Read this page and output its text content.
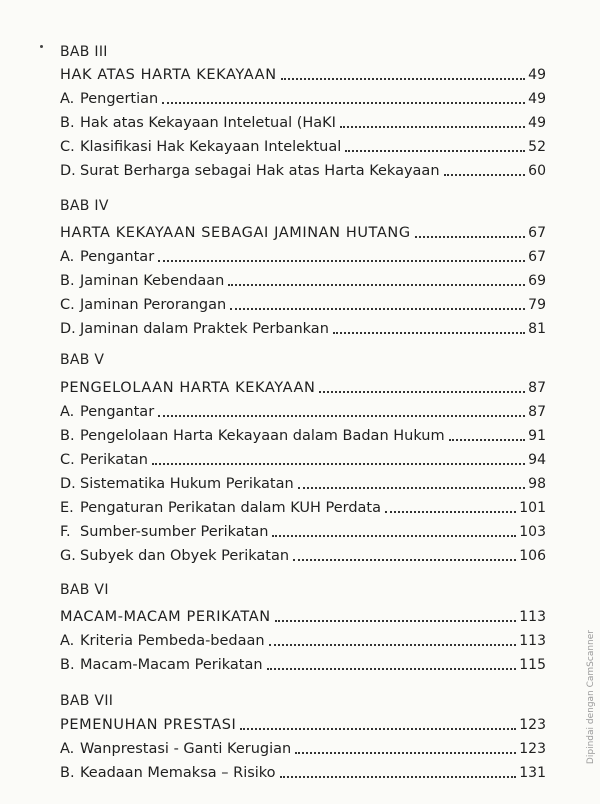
BAB III
HAK ATAS HARTA KEKAYAAN	49
A. Pengertian	49
B. Hak atas Kekayaan Inteletual (HaKI	49
C. Klasifikasi Hak Kekayaan Intelektual	52
D. Surat Berharga sebagai Hak atas Harta Kekayaan	60
BAB IV
HARTA KEKAYAAN SEBAGAI JAMINAN HUTANG	67
A. Pengantar	67
B. Jaminan Kebendaan	69
C. Jaminan Perorangan	79
D. Jaminan dalam Praktek Perbankan	81
BAB V
PENGELOLAAN HARTA KEKAYAAN	87
A. Pengantar	87
B. Pengelolaan Harta Kekayaan dalam Badan Hukum	91
C. Perikatan	94
D. Sistematika Hukum Perikatan	98
E. Pengaturan Perikatan dalam KUH Perdata	101
F. Sumber-sumber Perikatan	103
G. Subyek dan Obyek Perikatan	106
BAB VI
MACAM-MACAM PERIKATAN	113
A. Kriteria Pembeda-bedaan	113
B. Macam-Macam Perikatan	115
BAB VII
PEMENUHAN PRESTASI	123
A. Wanprestasi - Ganti Kerugian	123
B. Keadaan Memaksa – Risiko	131
Dipindai dengan CamScanner
